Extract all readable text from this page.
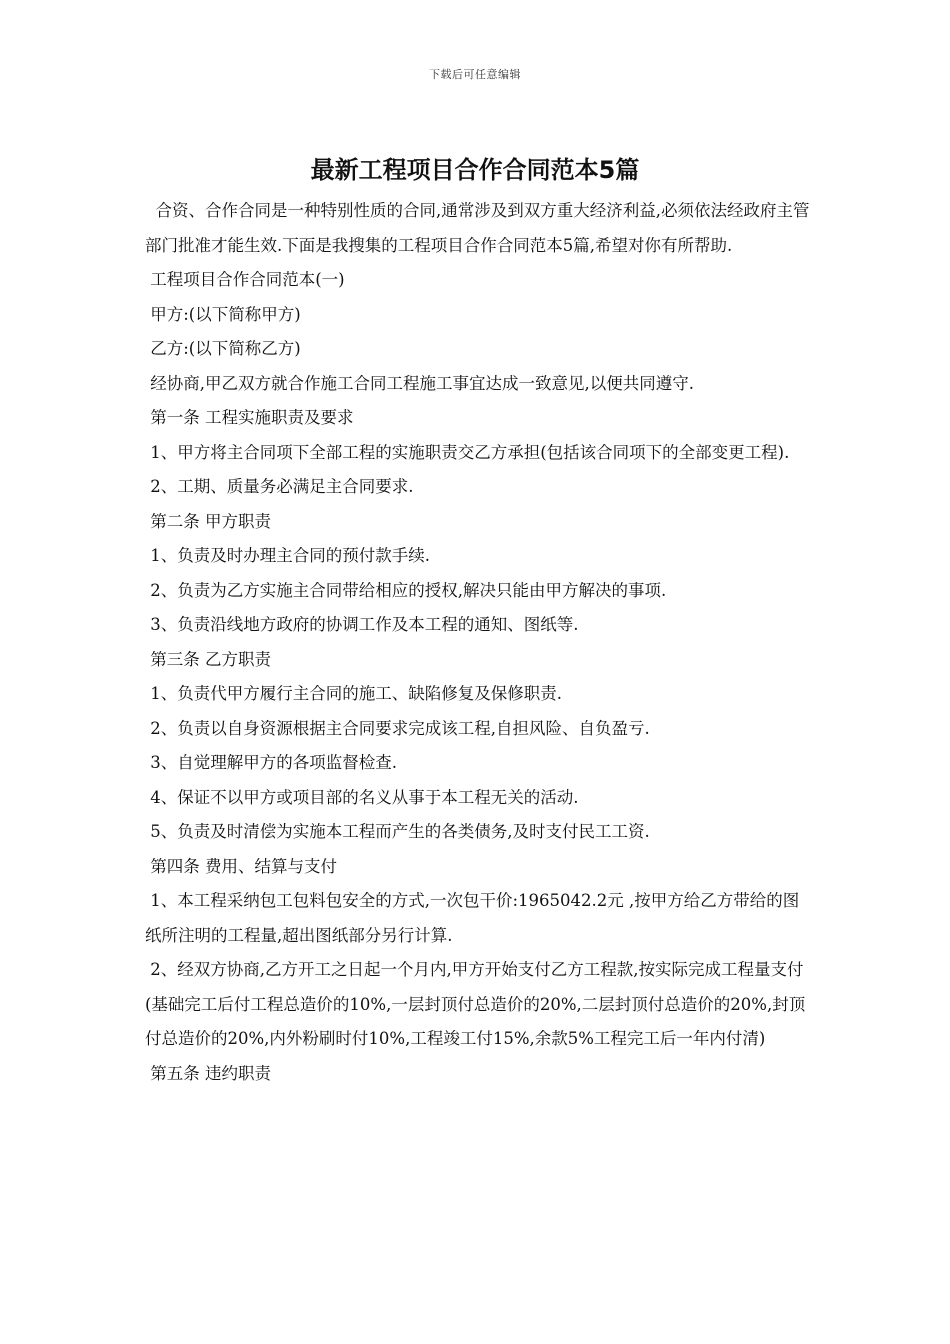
下载后可任意编辑
最新工程项目合作合同范本5篇

合资、合作合同是一种特别性质的合同,通常涉及到双方重大经济利益,必须依法经政府主管部门批准才能生效.下面是我搜集的工程项目合作合同范本5篇,希望对你有所帮助.

工程项目合作合同范本(一)

甲方:(以下简称甲方)

乙方:(以下简称乙方)

经协商,甲乙双方就合作施工合同工程施工事宜达成一致意见,以便共同遵守.

第一条 工程实施职责及要求

1、甲方将主合同项下全部工程的实施职责交乙方承担(包括该合同项下的全部变更工程).

2、工期、质量务必满足主合同要求.

第二条 甲方职责

1、负责及时办理主合同的预付款手续.

2、负责为乙方实施主合同带给相应的授权,解决只能由甲方解决的事项.

3、负责沿线地方政府的协调工作及本工程的通知、图纸等.

第三条 乙方职责

1、负责代甲方履行主合同的施工、缺陷修复及保修职责.

2、负责以自身资源根据主合同要求完成该工程,自担风险、自负盈亏.

3、自觉理解甲方的各项监督检查.

4、保证不以甲方或项目部的名义从事于本工程无关的活动.

5、负责及时清偿为实施本工程而产生的各类债务,及时支付民工工资.

第四条 费用、结算与支付

1、本工程采纳包工包料包安全的方式,一次包干价:1965042.2元 ,按甲方给乙方带给的图纸所注明的工程量,超出图纸部分另行计算.

2、经双方协商,乙方开工之日起一个月内,甲方开始支付乙方工程款,按实际完成工程量支付(基础完工后付工程总造价的10%,一层封顶付总造价的20%,二层封顶付总造价的20%,封顶付总造价的20%,内外粉刷时付10%,工程竣工付15%,余款5%工程完工后一年内付清)

第五条 违约职责
